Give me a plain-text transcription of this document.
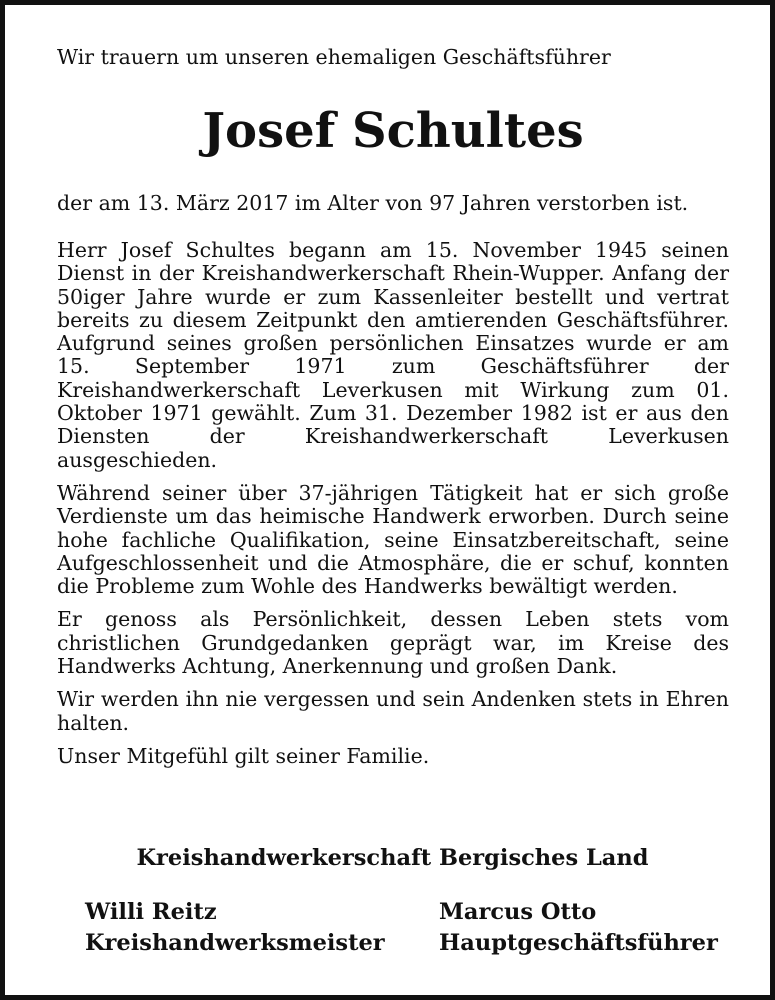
Wir trauern um unseren ehemaligen Geschäftsführer

Josef Schultes

der am 13. März 2017 im Alter von 97 Jahren verstorben ist.

Herr Josef Schultes begann am 15. November 1945 seinen Dienst in der Kreishandwerkerschaft Rhein-Wupper. Anfang der 50iger Jahre wurde er zum Kassenleiter bestellt und vertrat bereits zu diesem Zeitpunkt den amtierenden Geschäftsführer. Aufgrund seines großen persönlichen Einsatzes wurde er am 15. September 1971 zum Geschäftsführer der Kreishandwerkerschaft Leverkusen mit Wirkung zum 01. Oktober 1971 gewählt. Zum 31. Dezember 1982 ist er aus den Diensten der Kreishandwerkerschaft Leverkusen ausgeschieden.

Während seiner über 37-jährigen Tätigkeit hat er sich große Verdienste um das heimische Handwerk erworben. Durch seine hohe fachliche Qualifikation, seine Einsatzbereitschaft, seine Aufgeschlossenheit und die Atmosphäre, die er schuf, konnten die Probleme zum Wohle des Handwerks bewältigt werden.

Er genoss als Persönlichkeit, dessen Leben stets vom christlichen Grundgedanken geprägt war, im Kreise des Handwerks Achtung, Anerkennung und großen Dank.

Wir werden ihn nie vergessen und sein Andenken stets in Ehren halten.

Unser Mitgefühl gilt seiner Familie.

Kreishandwerkerschaft Bergisches Land
Willi Reitz
Kreishandwerksmeister
Marcus Otto
Hauptgeschäftsführer
